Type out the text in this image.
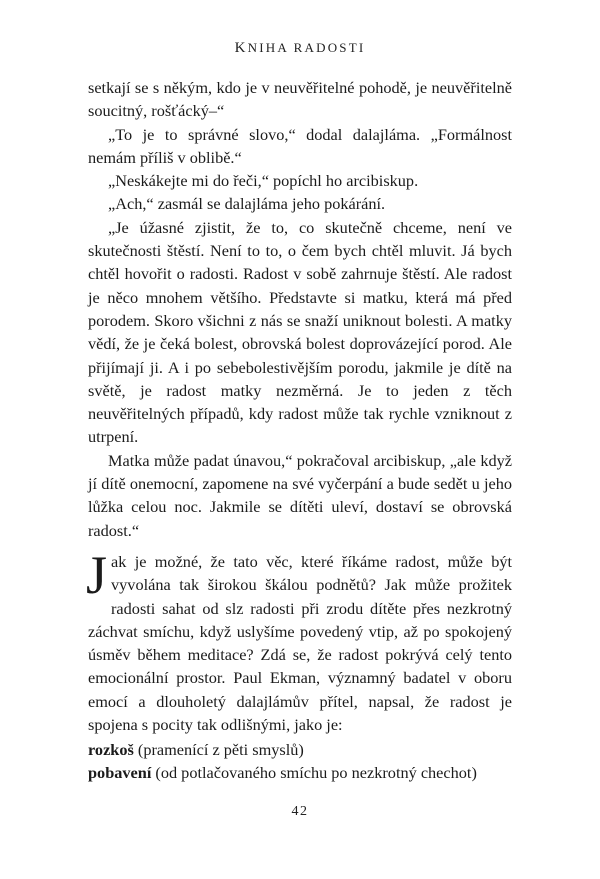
KNIHA RADOSTI

setkají se s někým, kdo je v neuvěřitelné pohodě, je neuvěřitelně soucitný, rošťácký–“

„To je to správné slovo,“ dodal dalajláma. „Formálnost nemám příliš v oblibě.“

„Neskákejte mi do řeči,“ popíchl ho arcibiskup.

„Ach,“ zasmál se dalajláma jeho pokárání.

„Je úžasné zjistit, že to, co skutečně chceme, není ve skutečnosti štěstí. Není to to, o čem bych chtěl mluvit. Já bych chtěl hovořit o radosti. Radost v sobě zahrnuje štěstí. Ale radost je něco mnohem většího. Představte si matku, která má před porodem. Skoro všichni z nás se snaží uniknout bolesti. A matky vědí, že je čeká bolest, obrovská bolest doprovázející porod. Ale přijímají ji. A i po sebebolestivějším porodu, jakmile je dítě na světě, je radost matky nezměrná. Je to jeden z těch neuvěřitelných případů, kdy radost může tak rychle vzniknout z utrpení.

Matka může padat únavou,“ pokračoval arcibiskup, „ale když jí dítě onemocní, zapomene na své vyčerpání a bude sedět u jeho lůžka celou noc. Jakmile se dítěti uleví, dostaví se obrovská radost.“

Jak je možné, že tato věc, které říkáme radost, může být vyvolána tak širokou škálou podnětů? Jak může prožitek radosti sahat od slz radosti při zrodu dítěte přes nezkrotný záchvat smíchu, když uslyšíme povedený vtip, až po spokojený úsměv během meditace? Zdá se, že radost pokrývá celý tento emocionální prostor. Paul Ekman, významný badatel v oboru emocí a dlouholetý dalajlámův přítel, napsal, že radost je spojena s pocity tak odlišnými, jako je:

rozkoš (pramenící z pěti smyslů)
pobavení (od potlačovaného smíchu po nezkrotný chechot)
42
